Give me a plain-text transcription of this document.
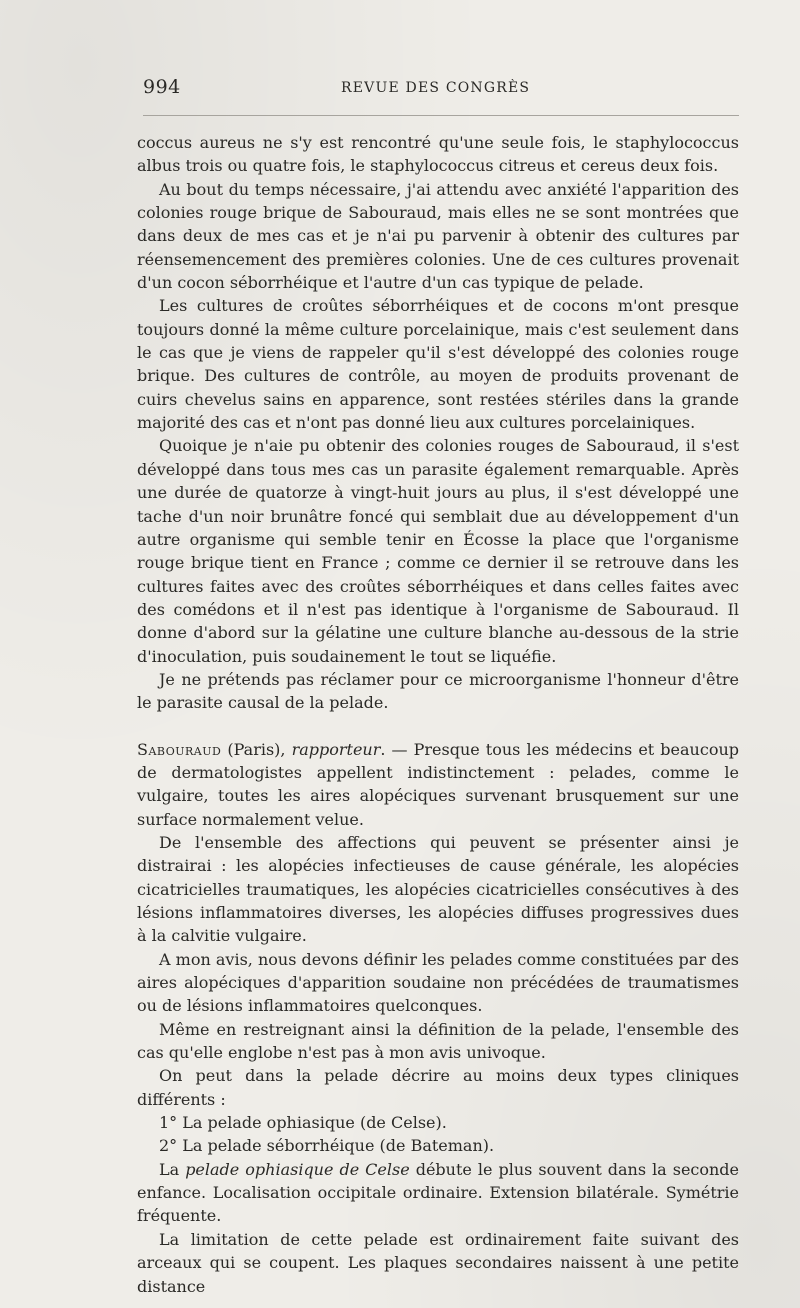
994	REVUE DES CONGRÈS

coccus aureus ne s'y est rencontré qu'une seule fois, le staphylococcus albus trois ou quatre fois, le staphylococcus citreus et cereus deux fois.

Au bout du temps nécessaire, j'ai attendu avec anxiété l'apparition des colonies rouge brique de Sabouraud, mais elles ne se sont montrées que dans deux de mes cas et je n'ai pu parvenir à obtenir des cultures par réensemencement des premières colonies. Une de ces cultures provenait d'un cocon séborrhéique et l'autre d'un cas typique de pelade.

Les cultures de croûtes séborrhéiques et de cocons m'ont presque toujours donné la même culture porcelainique, mais c'est seulement dans le cas que je viens de rappeler qu'il s'est développé des colonies rouge brique. Des cultures de contrôle, au moyen de produits provenant de cuirs chevelus sains en apparence, sont restées stériles dans la grande majorité des cas et n'ont pas donné lieu aux cultures porcelainiques.

Quoique je n'aie pu obtenir des colonies rouges de Sabouraud, il s'est développé dans tous mes cas un parasite également remarquable. Après une durée de quatorze à vingt-huit jours au plus, il s'est développé une tache d'un noir brunâtre foncé qui semblait due au développement d'un autre organisme qui semble tenir en Écosse la place que l'organisme rouge brique tient en France ; comme ce dernier il se retrouve dans les cultures faites avec des croûtes séborrhéiques et dans celles faites avec des comédons et il n'est pas identique à l'organisme de Sabouraud. Il donne d'abord sur la gélatine une culture blanche au-dessous de la strie d'inoculation, puis soudainement le tout se liquéfie.

Je ne prétends pas réclamer pour ce microorganisme l'honneur d'être le parasite causal de la pelade.

Sabouraud (Paris), rapporteur. — Presque tous les médecins et beaucoup de dermatologistes appellent indistinctement : pelades, comme le vulgaire, toutes les aires alopéciques survenant brusquement sur une surface normalement velue.

De l'ensemble des affections qui peuvent se présenter ainsi je distrairai : les alopécies infectieuses de cause générale, les alopécies cicatricielles traumatiques, les alopécies cicatricielles consécutives à des lésions inflammatoires diverses, les alopécies diffuses progressives dues à la calvitie vulgaire.

A mon avis, nous devons définir les pelades comme constituées par des aires alopéciques d'apparition soudaine non précédées de traumatismes ou de lésions inflammatoires quelconques.

Même en restreignant ainsi la définition de la pelade, l'ensemble des cas qu'elle englobe n'est pas à mon avis univoque.

On peut dans la pelade décrire au moins deux types cliniques différents :

1° La pelade ophiasique (de Celse).

2° La pelade séborrhéique (de Bateman).

La pelade ophiasique de Celse débute le plus souvent dans la seconde enfance. Localisation occipitale ordinaire. Extension bilatérale. Symétrie fréquente.

La limitation de cette pelade est ordinairement faite suivant des arceaux qui se coupent. Les plaques secondaires naissent à une petite distance
